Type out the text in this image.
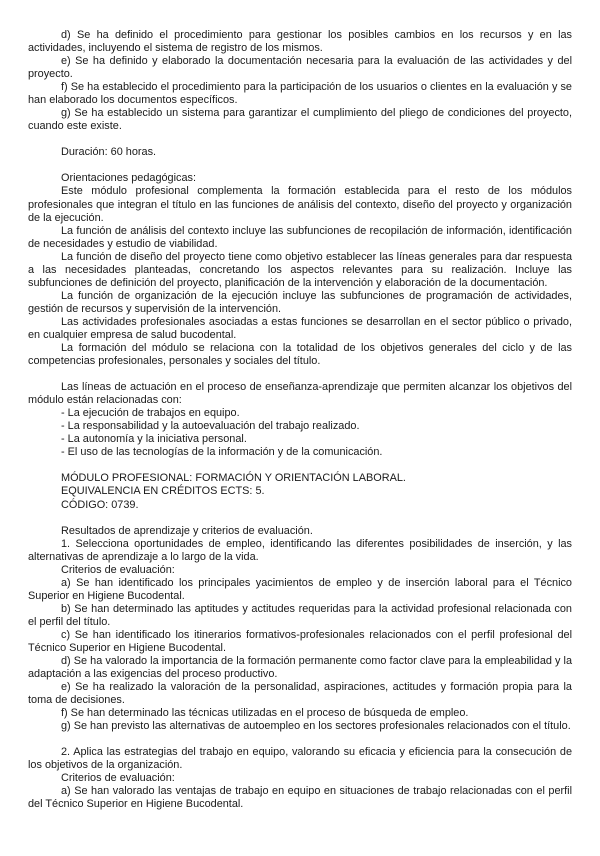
d) Se ha definido el procedimiento para gestionar los posibles cambios en los recursos y en las actividades, incluyendo el sistema de registro de los mismos.

e) Se ha definido y elaborado la documentación necesaria para la evaluación de las actividades y del proyecto.

f) Se ha establecido el procedimiento para la participación de los usuarios o clientes en la evaluación y se han elaborado los documentos específicos.

g) Se ha establecido un sistema para garantizar el cumplimiento del pliego de condiciones del proyecto, cuando este existe.

Duración: 60 horas.

Orientaciones pedagógicas:

Este módulo profesional complementa la formación establecida para el resto de los módulos profesionales que integran el título en las funciones de análisis del contexto, diseño del proyecto y organización de la ejecución.

La función de análisis del contexto incluye las subfunciones de recopilación de información, identificación de necesidades y estudio de viabilidad.

La función de diseño del proyecto tiene como objetivo establecer las líneas generales para dar respuesta a las necesidades planteadas, concretando los aspectos relevantes para su realización. Incluye las subfunciones de definición del proyecto, planificación de la intervención y elaboración de la documentación.

La función de organización de la ejecución incluye las subfunciones de programación de actividades, gestión de recursos y supervisión de la intervención.

Las actividades profesionales asociadas a estas funciones se desarrollan en el sector público o privado, en cualquier empresa de salud bucodental.

La formación del módulo se relaciona con la totalidad de los objetivos generales del ciclo y de las competencias profesionales, personales y sociales del título.

Las líneas de actuación en el proceso de enseñanza-aprendizaje que permiten alcanzar los objetivos del módulo están relacionadas con:

- La ejecución de trabajos en equipo.
- La responsabilidad y la autoevaluación del trabajo realizado.
- La autonomía y la iniciativa personal.
- El uso de las tecnologías de la información y de la comunicación.

MÓDULO PROFESIONAL: FORMACIÓN Y ORIENTACIÓN LABORAL.

EQUIVALENCIA EN CRÉDITOS ECTS: 5.

CÓDIGO: 0739.

Resultados de aprendizaje y criterios de evaluación.

1. Selecciona oportunidades de empleo, identificando las diferentes posibilidades de inserción, y las alternativas de aprendizaje a lo largo de la vida.

Criterios de evaluación:

a) Se han identificado los principales yacimientos de empleo y de inserción laboral para el Técnico Superior en Higiene Bucodental.

b) Se han determinado las aptitudes y actitudes requeridas para la actividad profesional relacionada con el perfil del título.

c) Se han identificado los itinerarios formativos-profesionales relacionados con el perfil profesional del Técnico Superior en Higiene Bucodental.

d) Se ha valorado la importancia de la formación permanente como factor clave para la empleabilidad y la adaptación a las exigencias del proceso productivo.

e) Se ha realizado la valoración de la personalidad, aspiraciones, actitudes y formación propia para la toma de decisiones.

f) Se han determinado las técnicas utilizadas en el proceso de búsqueda de empleo.

g) Se han previsto las alternativas de autoempleo en los sectores profesionales relacionados con el título.

2. Aplica las estrategias del trabajo en equipo, valorando su eficacia y eficiencia para la consecución de los objetivos de la organización.

Criterios de evaluación:

a) Se han valorado las ventajas de trabajo en equipo en situaciones de trabajo relacionadas con el perfil del Técnico Superior en Higiene Bucodental.
